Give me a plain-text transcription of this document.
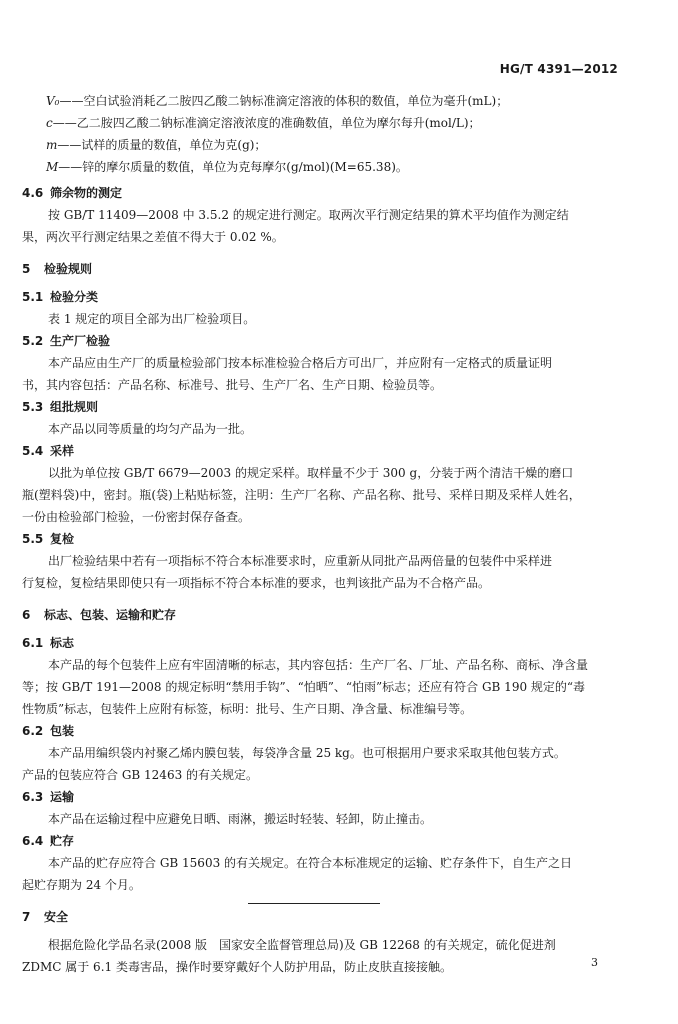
HG/T 4391—2012
V₀——空白试验消耗乙二胺四乙酸二钠标准滴定溶液的体积的数值，单位为毫升(mL)；
c——乙二胺四乙酸二钠标准滴定溶液浓度的准确数值，单位为摩尔每升(mol/L)；
m——试样的质量的数值，单位为克(g)；
M——锌的摩尔质量的数值，单位为克每摩尔(g/mol)(M=65.38)。
4.6 筛余物的测定
按 GB/T 11409—2008 中 3.5.2 的规定进行测定。取两次平行测定结果的算术平均值作为测定结
果，两次平行测定结果之差值不得大于 0.02 %。
5 检验规则
5.1 检验分类
表 1 规定的项目全部为出厂检验项目。
5.2 生产厂检验
本产品应由生产厂的质量检验部门按本标准检验合格后方可出厂，并应附有一定格式的质量证明
书，其内容包括：产品名称、标准号、批号、生产厂名、生产日期、检验员等。
5.3 组批规则
本产品以同等质量的均匀产品为一批。
5.4 采样
以批为单位按 GB/T 6679—2003 的规定采样。取样量不少于 300 g，分装于两个清洁干燥的磨口
瓶(塑料袋)中，密封。瓶(袋)上粘贴标签，注明：生产厂名称、产品名称、批号、采样日期及采样人姓名，
一份由检验部门检验，一份密封保存备查。
5.5 复检
出厂检验结果中若有一项指标不符合本标准要求时，应重新从同批产品两倍量的包装件中采样进
行复检，复检结果即使只有一项指标不符合本标准的要求，也判该批产品为不合格产品。
6 标志、包装、运输和贮存
6.1 标志
本产品的每个包装件上应有牢固清晰的标志，其内容包括：生产厂名、厂址、产品名称、商标、净含量
等；按 GB/T 191—2008 的规定标明“禁用手钩”、“怕晒”、“怕雨”标志；还应有符合 GB 190 规定的“毒
性物质”标志，包装件上应附有标签，标明：批号、生产日期、净含量、标准编号等。
6.2 包装
本产品用编织袋内衬聚乙烯内膜包装，每袋净含量 25 kg。也可根据用户要求采取其他包装方式。
产品的包装应符合 GB 12463 的有关规定。
6.3 运输
本产品在运输过程中应避免日晒、雨淋，搬运时轻装、轻卸，防止撞击。
6.4 贮存
本产品的贮存应符合 GB 15603 的有关规定。在符合本标准规定的运输、贮存条件下，自生产之日
起贮存期为 24 个月。
7 安全
根据危险化学品名录(2008 版　国家安全监督管理总局)及 GB 12268 的有关规定，硫化促进剂
ZDMC 属于 6.1 类毒害品，操作时要穿戴好个人防护用品，防止皮肤直接接触。	3
